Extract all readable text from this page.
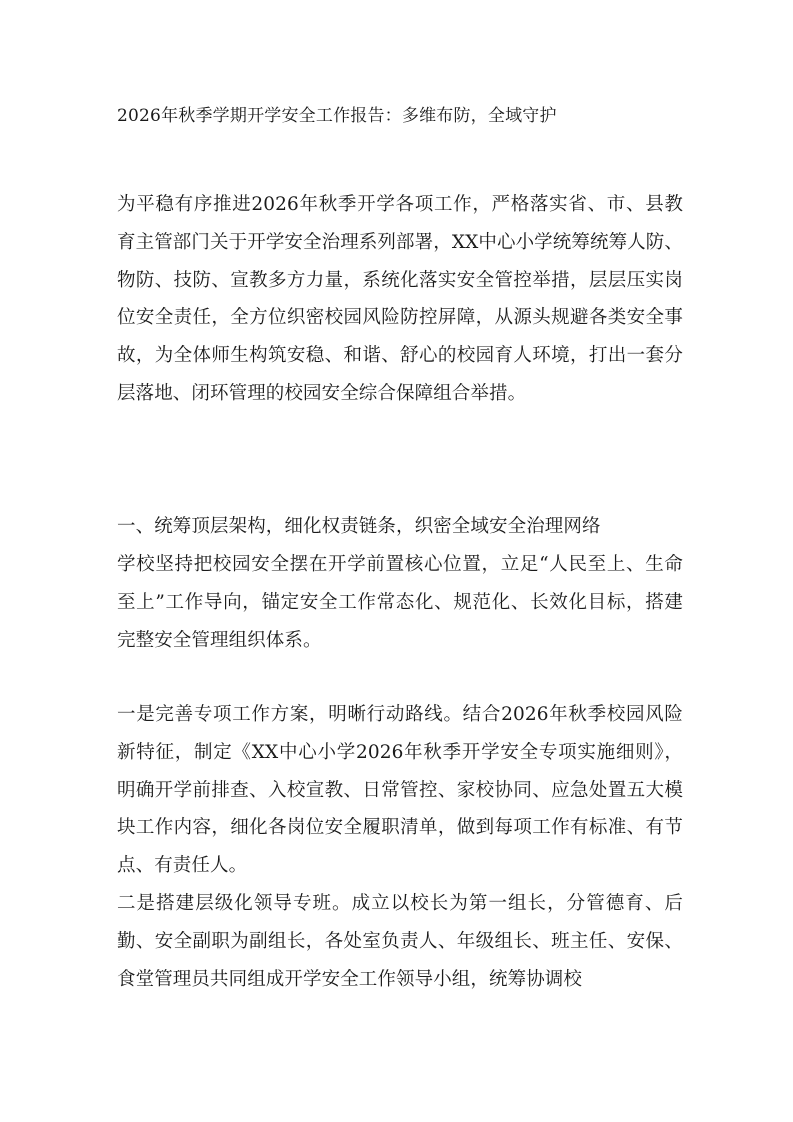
2026年秋季学期开学安全工作报告：多维布防，全域守护

为平稳有序推进2026年秋季开学各项工作，严格落实省、市、县教育主管部门关于开学安全治理系列部署，XX中心小学统筹统筹人防、物防、技防、宣教多方力量，系统化落实安全管控举措，层层压实岗位安全责任，全方位织密校园风险防控屏障，从源头规避各类安全事故，为全体师生构筑安稳、和谐、舒心的校园育人环境，打出一套分层落地、闭环管理的校园安全综合保障组合举措。

一、统筹顶层架构，细化权责链条，织密全域安全治理网络

学校坚持把校园安全摆在开学前置核心位置，立足“人民至上、生命至上”工作导向，锚定安全工作常态化、规范化、长效化目标，搭建完整安全管理组织体系。

一是完善专项工作方案，明晰行动路线。结合2026年秋季校园风险新特征，制定《XX中心小学2026年秋季开学安全专项实施细则》，明确开学前排查、入校宣教、日常管控、家校协同、应急处置五大模块工作内容，细化各岗位安全履职清单，做到每项工作有标准、有节点、有责任人。

二是搭建层级化领导专班。成立以校长为第一组长，分管德育、后勤、安全副职为副组长，各处室负责人、年级组长、班主任、安保、食堂管理员共同组成开学安全工作领导小组，统筹协调校
